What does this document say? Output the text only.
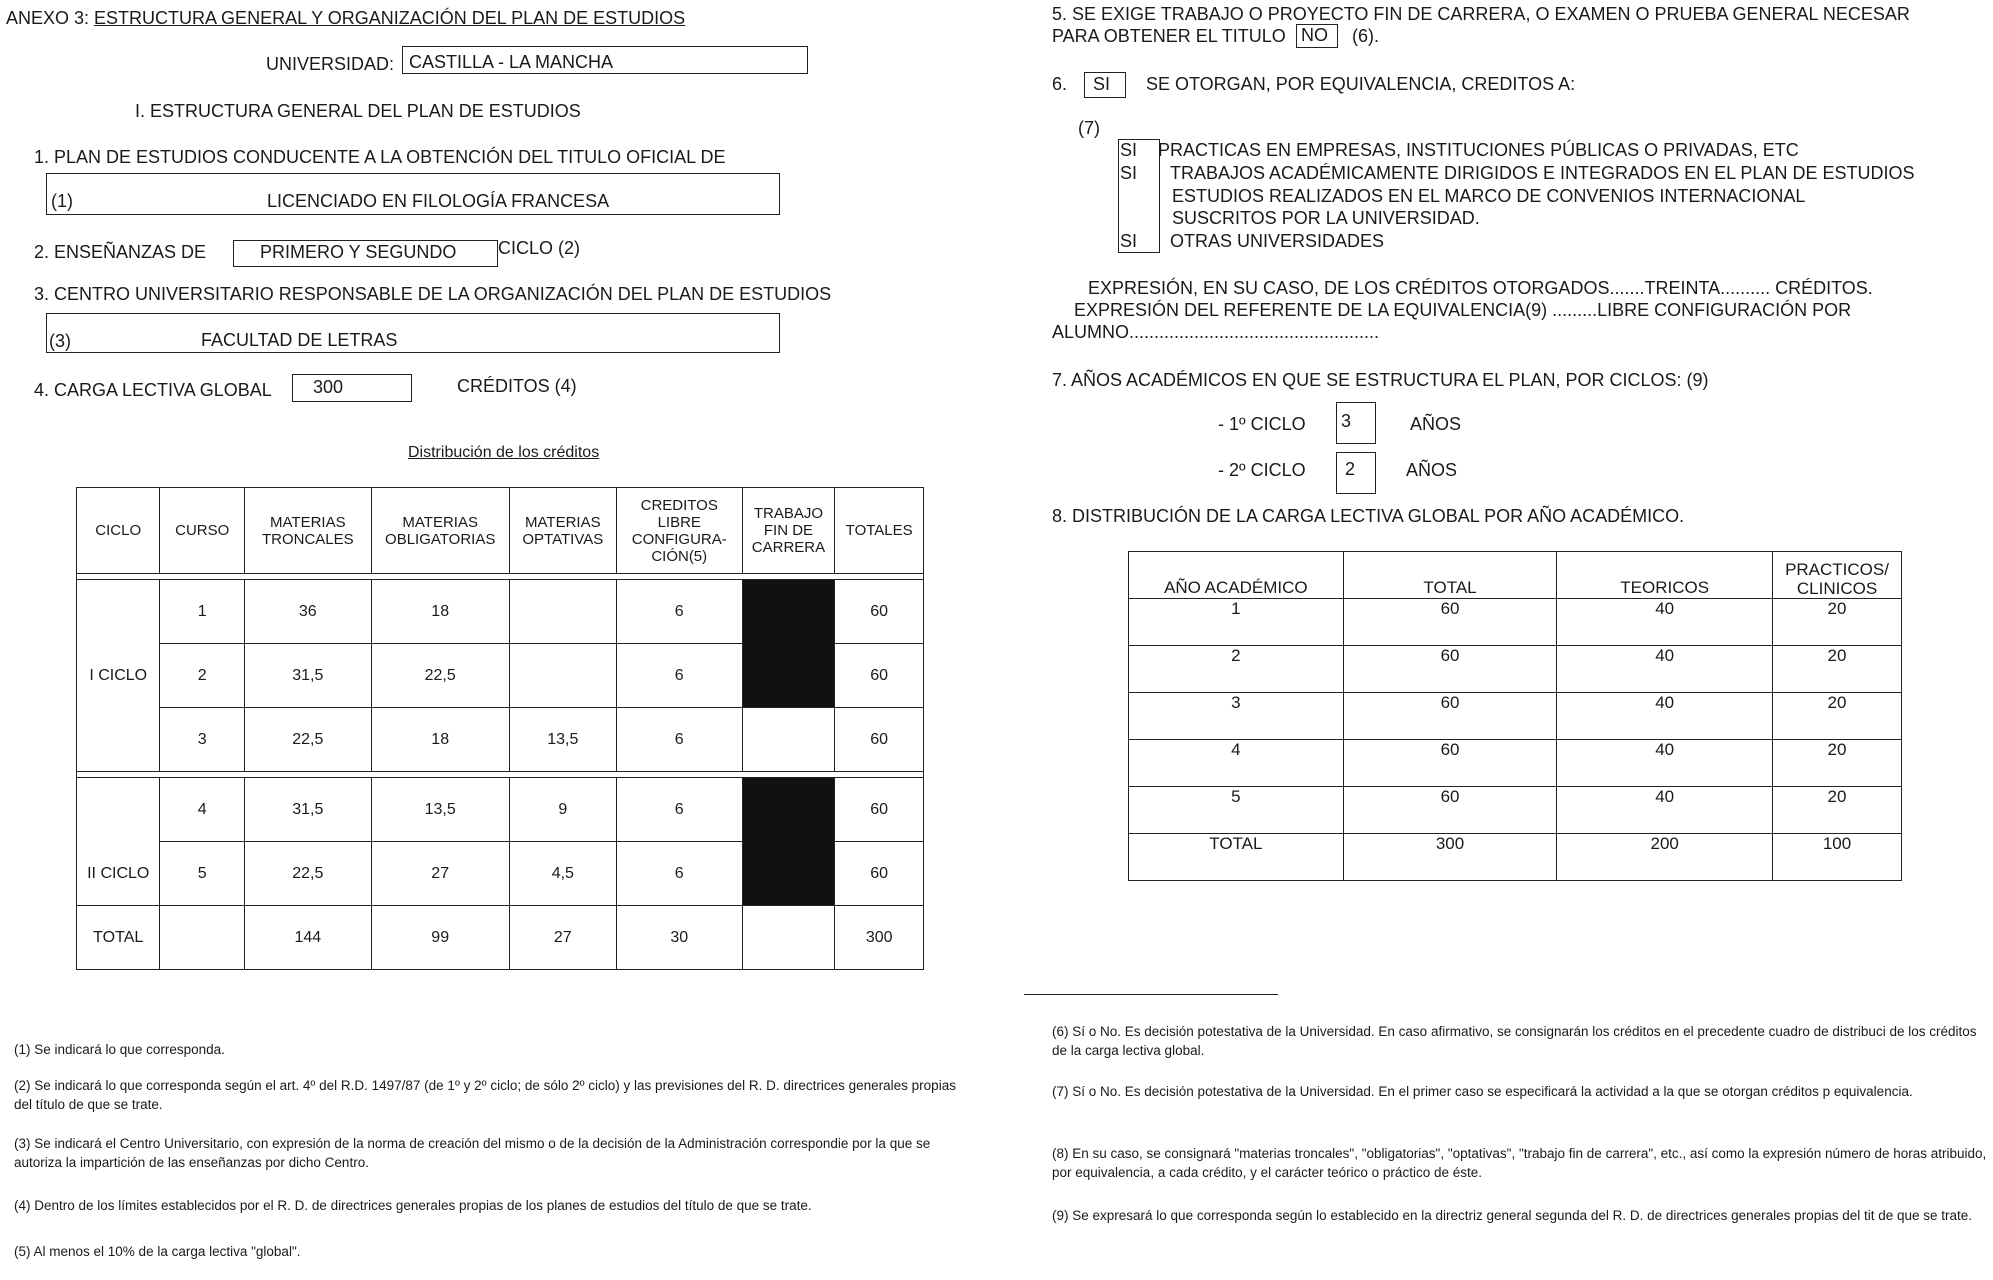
ANEXO 3: ESTRUCTURA GENERAL Y ORGANIZACIÓN DEL PLAN DE ESTUDIOS
UNIVERSIDAD: CASTILLA - LA MANCHA
I. ESTRUCTURA GENERAL DEL PLAN DE ESTUDIOS
1. PLAN DE ESTUDIOS CONDUCENTE A LA OBTENCIÓN DEL TITULO OFICIAL DE
(1)	LICENCIADO EN FILOLOGÍA FRANCESA
2. ENSEÑANZAS DE	PRIMERO Y SEGUNDO CICLO (2)
3. CENTRO UNIVERSITARIO RESPONSABLE DE LA ORGANIZACIÓN DEL PLAN DE ESTUDIOS
(3)	FACULTAD DE LETRAS
4. CARGA LECTIVA GLOBAL 300	CRÉDITOS (4)
Distribución de los créditos
CICLO	CURSO	MATERIAS TRONCALES	MATERIAS OBLIGATORIAS	MATERIAS OPTATIVAS	CREDITOS LIBRE CONFIGURA- CIÓN(5)	TRABAJO FIN DE CARRERA	TOTALES

I CICLO	1	36	18		6		60
	2	31,5	22,5		6		60
	3	22,5	18	13,5	6		60

II CICLO	4	31,5	13,5	9	6		60
	5	22,5	27	4,5	6		60
TOTAL		144	99	27	30		300
(1) Se indicará lo que corresponda.
(2) Se indicará lo que corresponda según el art. 4º del R.D. 1497/87 (de 1º y 2º ciclo; de sólo 2º ciclo) y las previsiones del R. D. directrices generales propias del título de que se trate.
(3) Se indicará el Centro Universitario, con expresión de la norma de creación del mismo o de la decisión de la Administración correspondie por la que se autoriza la impartición de las enseñanzas por dicho Centro.
(4) Dentro de los límites establecidos por el R. D. de directrices generales propias de los planes de estudios del título de que se trate.
(5) Al menos el 10% de la carga lectiva "global".
5. SE EXIGE TRABAJO O PROYECTO FIN DE CARRERA, O EXAMEN O PRUEBA GENERAL NECESAR
PARA OBTENER EL TITULO NO (6).
6. SI SE OTORGAN, POR EQUIVALENCIA, CREDITOS A:
(7)
SI PRACTICAS EN EMPRESAS, INSTITUCIONES PÚBLICAS O PRIVADAS, ETC
SI TRABAJOS ACADÉMICAMENTE DIRIGIDOS E INTEGRADOS EN EL PLAN DE ESTUDIOS
ESTUDIOS REALIZADOS EN EL MARCO DE CONVENIOS INTERNACIONAL
SUSCRITOS POR LA UNIVERSIDAD.
SI OTRAS UNIVERSIDADES
EXPRESIÓN, EN SU CASO, DE LOS CRÉDITOS OTORGADOS.......TREINTA.......... CRÉDITOS.
EXPRESIÓN DEL REFERENTE DE LA EQUIVALENCIA(9) .........LIBRE CONFIGURACIÓN POR
ALUMNO..................................................
7. AÑOS ACADÉMICOS EN QUE SE ESTRUCTURA EL PLAN, POR CICLOS: (9)
- 1º CICLO 3	AÑOS
- 2º CICLO 2	AÑOS
8. DISTRIBUCIÓN DE LA CARGA LECTIVA GLOBAL POR AÑO ACADÉMICO.
AÑO ACADÉMICO	TOTAL	TEORICOS	PRACTICOS/ CLINICOS
1	60	40	20
2	60	40	20
3	60	40	20
4	60	40	20
5	60	40	20
TOTAL	300	200	100
(6) Sí o No. Es decisión potestativa de la Universidad. En caso afirmativo, se consignarán los créditos en el precedente cuadro de distribuci de los créditos de la carga lectiva global.
(7) Sí o No. Es decisión potestativa de la Universidad. En el primer caso se especificará la actividad a la que se otorgan créditos p equivalencia.
(8) En su caso, se consignará "materias troncales", "obligatorias", "optativas", "trabajo fin de carrera", etc., así como la expresión número de horas atribuido, por equivalencia, a cada crédito, y el carácter teórico o práctico de éste.
(9) Se expresará lo que corresponda según lo establecido en la directriz general segunda del R. D. de directrices generales propias del tit de que se trate.
